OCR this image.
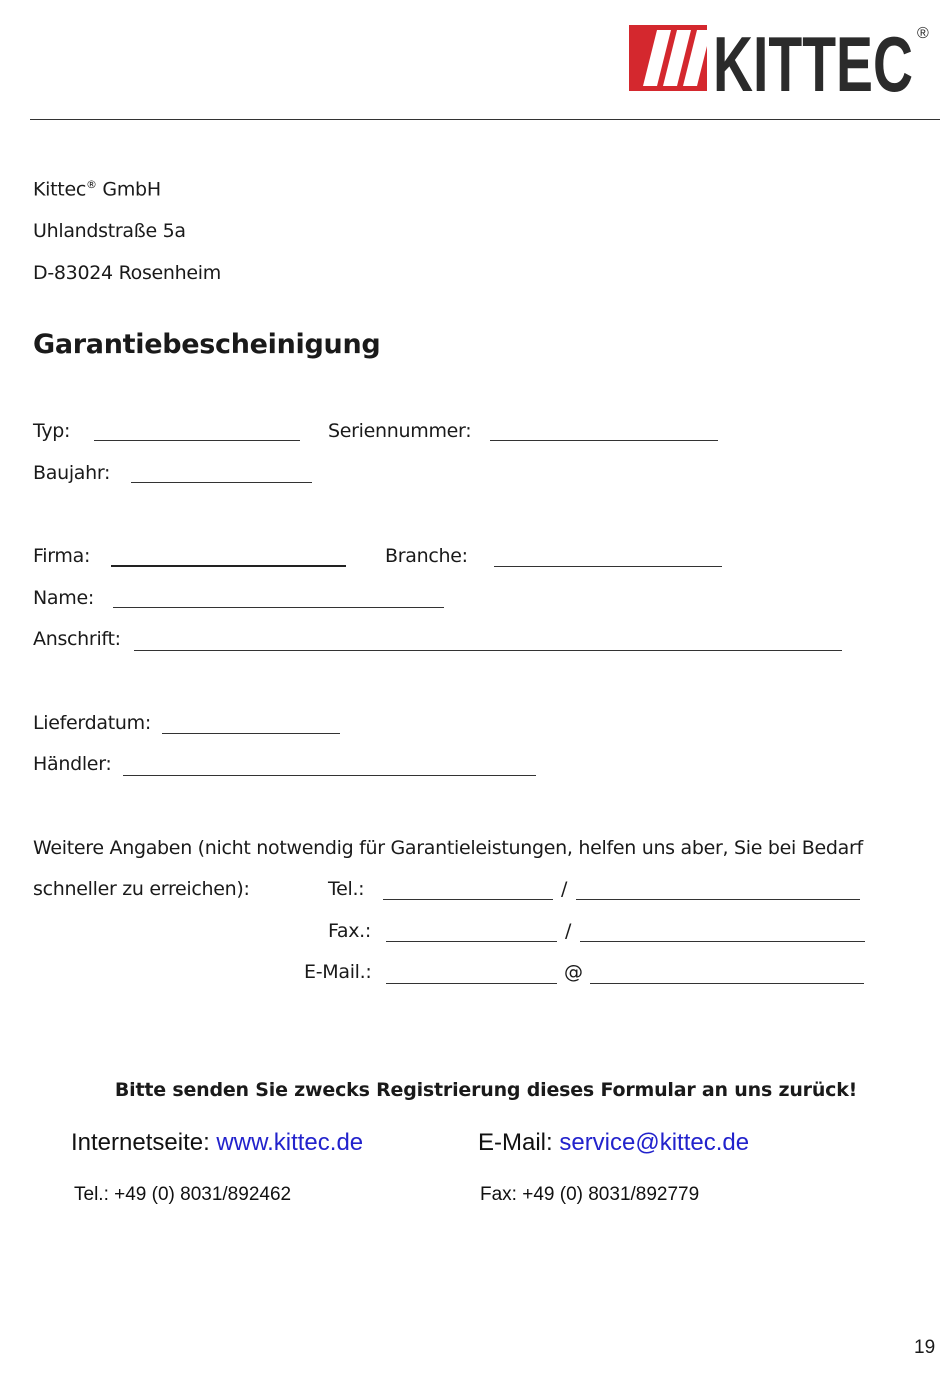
KITTEC ®
Kittec® GmbH
Uhlandstraße 5a
D-83024 Rosenheim
Garantiebescheinigung
Typ:	Seriennummer:
Baujahr:
Firma:	Branche:
Name:
Anschrift:
Lieferdatum:
Händler:
Weitere Angaben (nicht notwendig für Garantieleistungen, helfen uns aber, Sie bei Bedarf
schneller zu erreichen):	Tel.:	/
Fax.:	/
E-Mail.:	@
Bitte senden Sie zwecks Registrierung dieses Formular an uns zurück!
Internetseite: www.kittec.de	E-Mail: service@kittec.de
Tel.: +49 (0) 8031/892462	Fax: +49 (0) 8031/892779
19
